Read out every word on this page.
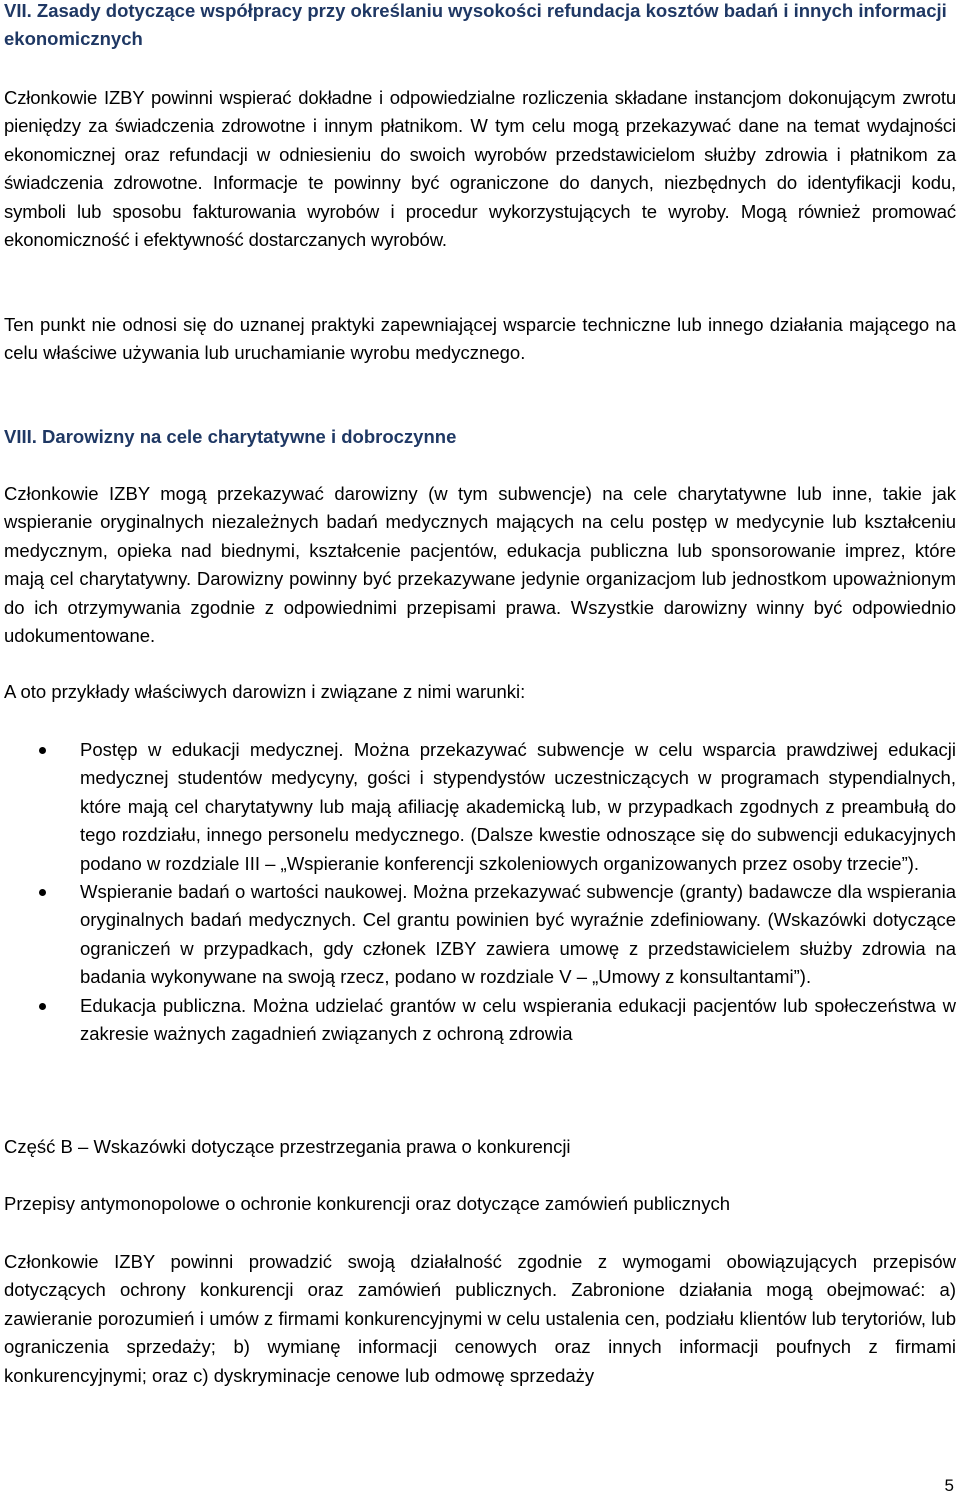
VII. Zasady dotyczące współpracy przy określaniu wysokości refundacja kosztów badań i innych informacji ekonomicznych

Członkowie IZBY powinni wspierać dokładne i odpowiedzialne rozliczenia składane instancjom dokonującym zwrotu pieniędzy za świadczenia zdrowotne i innym płatnikom. W tym celu mogą przekazywać dane na temat wydajności ekonomicznej oraz refundacji w odniesieniu do swoich wyrobów przedstawicielom służby zdrowia i płatnikom za świadczenia zdrowotne. Informacje te powinny być ograniczone do danych, niezbędnych do identyfikacji kodu, symboli lub sposobu fakturowania wyrobów i procedur wykorzystujących te wyroby. Mogą również promować ekonomiczność i efektywność dostarczanych wyrobów.

Ten punkt nie odnosi się do uznanej praktyki zapewniającej wsparcie techniczne lub innego działania mającego na celu właściwe używania lub uruchamianie wyrobu medycznego.

VIII. Darowizny na cele charytatywne i dobroczynne

Członkowie IZBY mogą przekazywać darowizny (w tym subwencje) na cele charytatywne lub inne, takie jak wspieranie oryginalnych niezależnych badań medycznych mających na celu postęp w medycynie lub kształceniu medycznym, opieka nad biednymi, kształcenie pacjentów, edukacja publiczna lub sponsorowanie imprez, które mają cel charytatywny. Darowizny powinny być przekazywane jedynie organizacjom lub jednostkom upoważnionym do ich otrzymywania zgodnie z odpowiednimi przepisami prawa. Wszystkie darowizny winny być odpowiednio udokumentowane.

A oto przykłady właściwych darowizn i związane z nimi warunki:

Postęp w edukacji medycznej. Można przekazywać subwencje w celu wsparcia prawdziwej edukacji medycznej studentów medycyny, gości i stypendystów uczestniczących w programach stypendialnych, które mają cel charytatywny lub mają afiliację akademicką lub, w przypadkach zgodnych z preambułą do tego rozdziału, innego personelu medycznego. (Dalsze kwestie odnoszące się do subwencji edukacyjnych podano w rozdziale III – „Wspieranie konferencji szkoleniowych organizowanych przez osoby trzecie”).
Wspieranie badań o wartości naukowej. Można przekazywać subwencje (granty) badawcze dla wspierania oryginalnych badań medycznych. Cel grantu powinien być wyraźnie zdefiniowany. (Wskazówki dotyczące ograniczeń w przypadkach, gdy członek IZBY zawiera umowę z przedstawicielem służby zdrowia na badania wykonywane na swoją rzecz, podano w rozdziale V – „Umowy z konsultantami”).
Edukacja publiczna. Można udzielać grantów w celu wspierania edukacji pacjentów lub społeczeństwa w zakresie ważnych zagadnień związanych z ochroną zdrowia

Część B – Wskazówki dotyczące przestrzegania prawa o konkurencji

Przepisy antymonopolowe o ochronie konkurencji oraz dotyczące zamówień publicznych

Członkowie IZBY powinni prowadzić swoją działalność zgodnie z wymogami obowiązujących przepisów dotyczących ochrony konkurencji oraz zamówień publicznych. Zabronione działania mogą obejmować: a) zawieranie porozumień i umów z firmami konkurencyjnymi w celu ustalenia cen, podziału klientów lub terytoriów, lub ograniczenia sprzedaży; b) wymianę informacji cenowych oraz innych informacji poufnych z firmami konkurencyjnymi; oraz c) dyskryminacje cenowe lub odmowę sprzedaży

5
